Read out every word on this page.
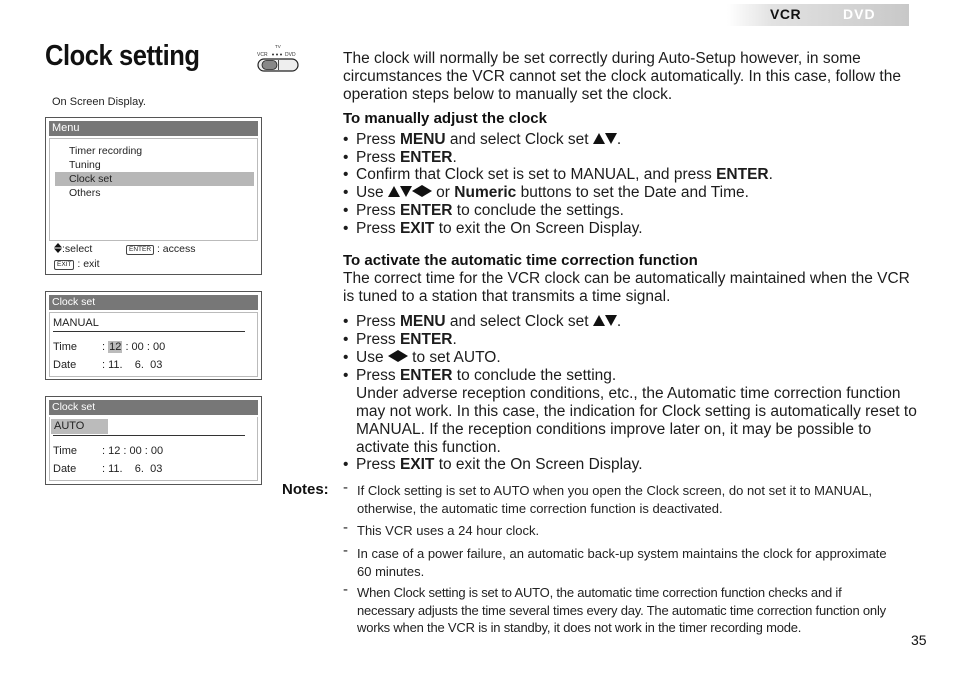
VCR	DVD
Clock setting	TV
VCR	DVD
On Screen Display.
Menu
Timer recording
Tuning
Clock set
Others
:select	ENTER : access
EXIT : exit
Clock set
MANUAL
Time : 12 : 00 : 00
Date : 11.    6.  03
Clock set
AUTO
Time : 12 : 00 : 00
Date : 11.    6.  03
The clock will normally be set correctly during Auto-Setup however, in some circumstances the VCR cannot set the clock automatically. In this case, follow the operation steps below to manually set the clock.
To manually adjust the clock
• Press MENU and select Clock set .
• Press ENTER.
• Confirm that Clock set is set to MANUAL, and press ENTER.
• Use	or Numeric buttons to set the Date and Time.
• Press ENTER to conclude the settings.
• Press EXIT to exit the On Screen Display.
To activate the automatic time correction function
The correct time for the VCR clock can be automatically maintained when the VCR is tuned to a station that transmits a time signal.
• Press MENU and select Clock set .
• Press ENTER.
• Use  to set AUTO.
• Press ENTER to conclude the setting.
Under adverse reception conditions, etc., the Automatic time correction function may not work. In this case, the indication for Clock setting is automatically reset to MANUAL. If the reception conditions improve later on, it may be possible to activate this function.
• Press EXIT to exit the On Screen Display.
Notes: - If Clock setting is set to AUTO when you open the Clock screen, do not set it to MANUAL, otherwise, the automatic time correction function is deactivated.
- This VCR uses a 24 hour clock.
- In case of a power failure, an automatic back-up system maintains the clock for approximate 60 minutes.
- When Clock setting is set to AUTO, the automatic time correction function checks and if necessary adjusts the time several times every day. The automatic time correction function only works when the VCR is in standby, it does not work in the timer recording mode.
35
